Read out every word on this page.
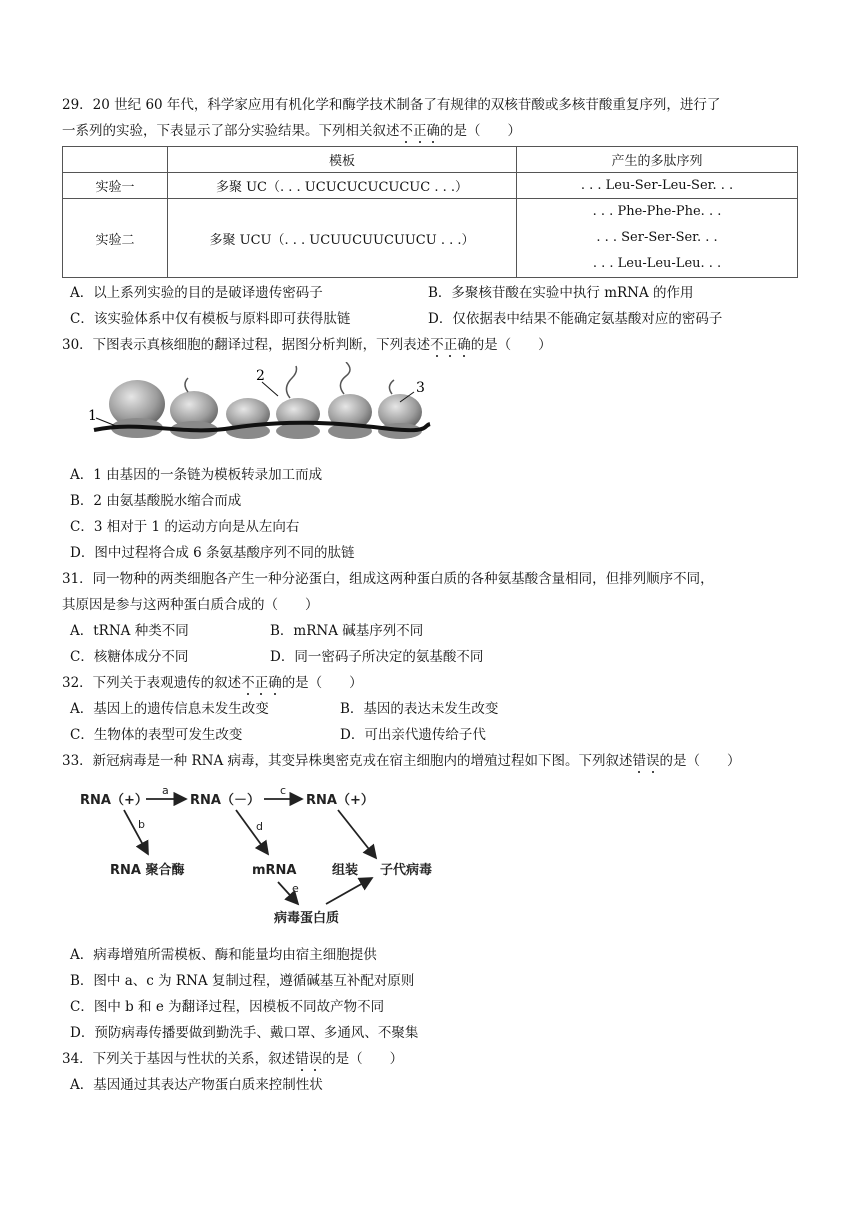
29．20 世纪 60 年代，科学家应用有机化学和酶学技术制备了有规律的双核苷酸或多核苷酸重复序列，进行了
一系列的实验，下表显示了部分实验结果。下列相关叙述不正确的是（　　）
	模板	产生的多肽序列
实验一	多聚 UC（. . . UCUCUCUCUCUC . . .）	. . . Leu-Ser-Leu-Ser. . .
实验二	多聚 UCU（. . . UCUUCUUCUUCU . . .）	. . . Phe-Phe-Phe. . .
. . . Ser-Ser-Ser. . .
. . . Leu-Leu-Leu. . .
A．以上系列实验的目的是破译遗传密码子	B．多聚核苷酸在实验中执行 mRNA 的作用
C．该实验体系中仅有模板与原料即可获得肽链	D．仅依据表中结果不能确定氨基酸对应的密码子
30．下图表示真核细胞的翻译过程，据图分析判断，下列表述不正确的是（　　）
1
2
3
A．1 由基因的一条链为模板转录加工而成
B．2 由氨基酸脱水缩合而成
C．3 相对于 1 的运动方向是从左向右
D．图中过程将合成 6 条氨基酸序列不同的肽链
31．同一物种的两类细胞各产生一种分泌蛋白，组成这两种蛋白质的各种氨基酸含量相同，但排列顺序不同，
其原因是参与这两种蛋白质合成的（　　）
A．tRNA 种类不同	B．mRNA 碱基序列不同
C．核糖体成分不同	D．同一密码子所决定的氨基酸不同
32．下列关于表观遗传的叙述不正确的是（　　）
A．基因上的遗传信息未发生改变	B．基因的表达未发生改变
C．生物体的表型可发生改变	D．可出亲代遗传给子代
33．新冠病毒是一种 RNA 病毒，其变异株奥密克戎在宿主细胞内的增殖过程如下图。下列叙述错误的是（　　）
RNA（+）	RNA（－）	RNA（+）
RNA 聚合酶	mRNA	组装 子代病毒
病毒蛋白质
a
b
c
d
e
A．病毒增殖所需模板、酶和能量均由宿主细胞提供
B．图中 a、c 为 RNA 复制过程，遵循碱基互补配对原则
C．图中 b 和 e 为翻译过程，因模板不同故产物不同
D．预防病毒传播要做到勤洗手、戴口罩、多通风、不聚集
34．下列关于基因与性状的关系，叙述错误的是（　　）
A．基因通过其表达产物蛋白质来控制性状
